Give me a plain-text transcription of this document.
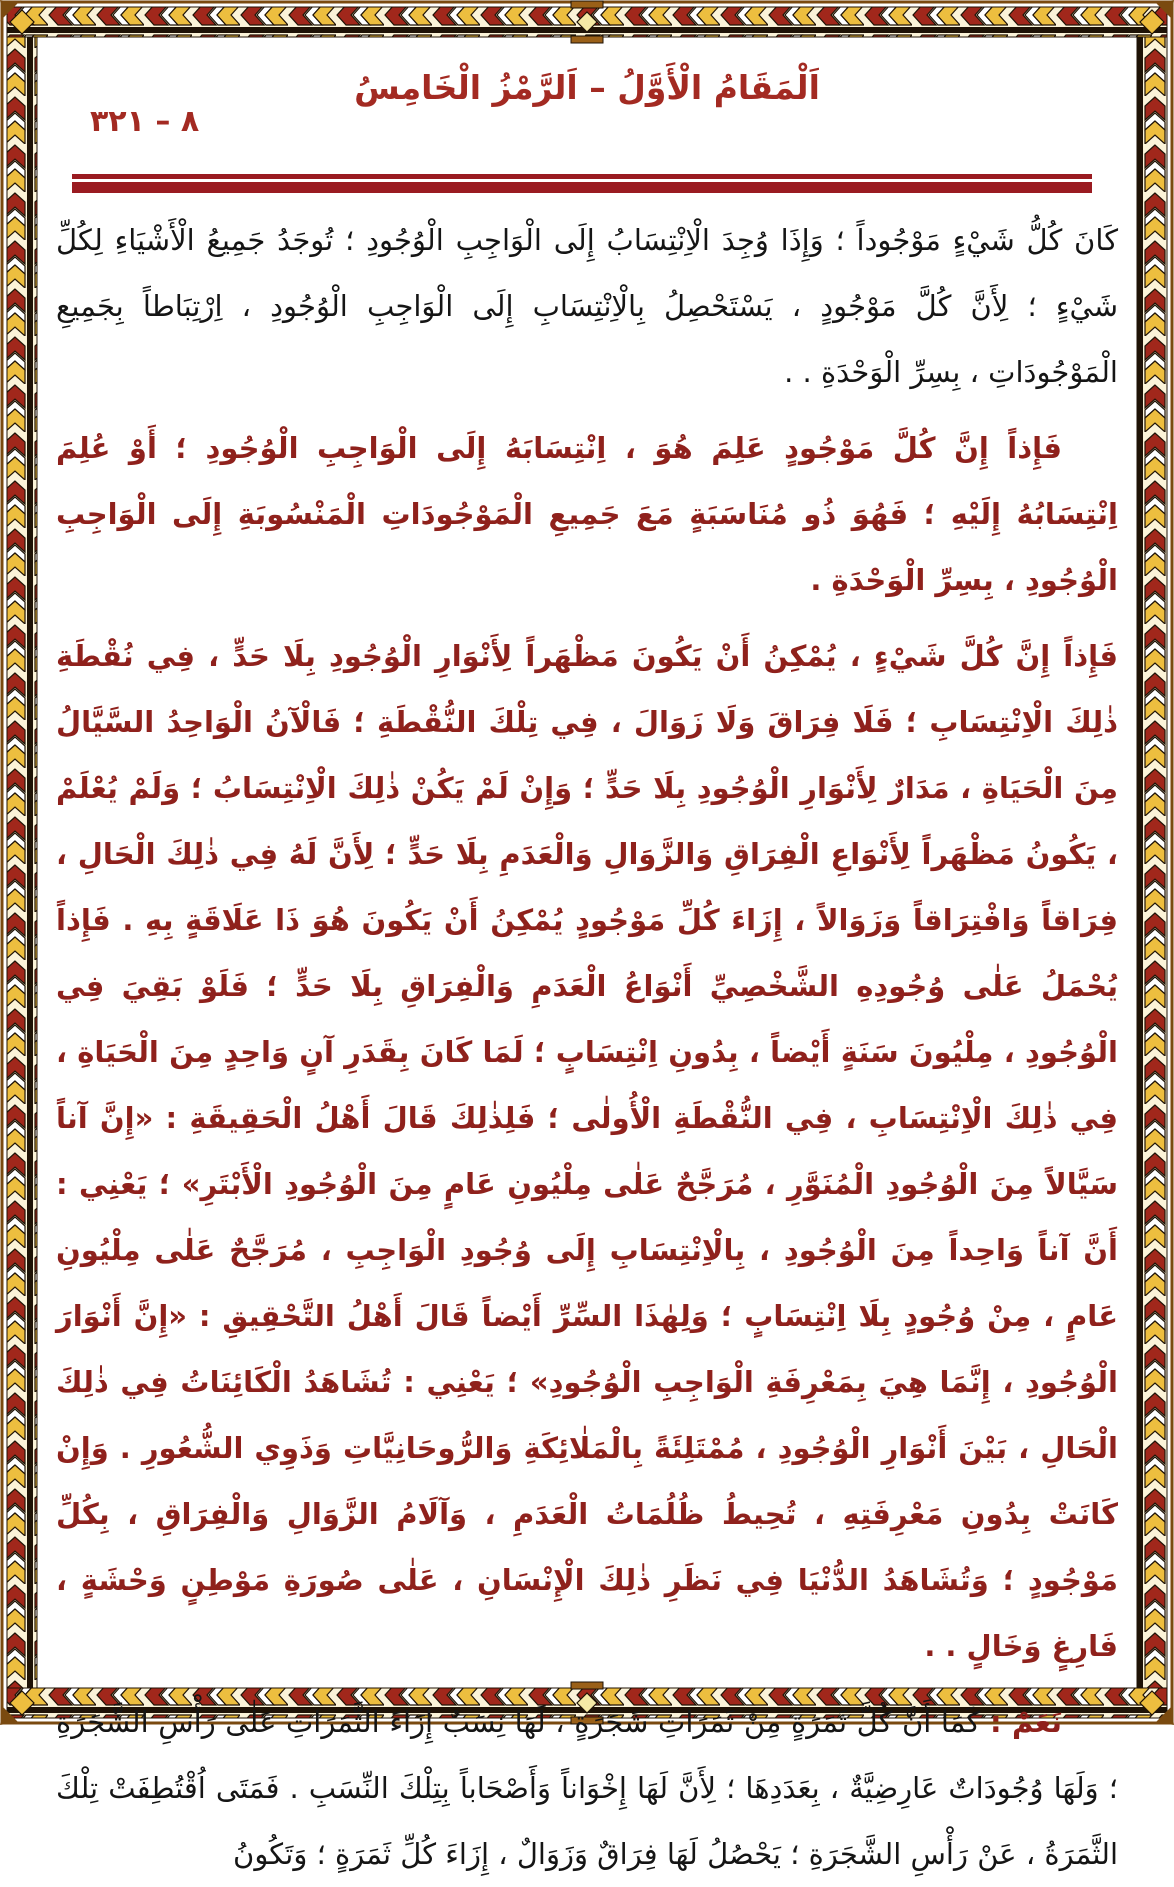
٨ – ٣٢١
اَلْمَقَامُ الْأَوَّلُ – اَلرَّمْزُ الْخَامِسُ

كَانَ كُلُّ شَيْءٍ مَوْجُوداً ؛ وَإِذَا وُجِدَ الْاِنْتِسَابُ إِلَى الْوَاجِبِ الْوُجُودِ ؛ تُوجَدُ جَمِيعُ الْأَشْيَاءِ لِكُلِّ شَيْءٍ ؛ لِأَنَّ كُلَّ مَوْجُودٍ ، يَسْتَحْصِلُ بِالْاِنْتِسَابِ إِلَى الْوَاجِبِ الْوُجُودِ ، اِرْتِبَاطاً بِجَمِيعِ الْمَوْجُودَاتِ ، بِسِرِّ الْوَحْدَةِ . .

فَإِذاً إِنَّ كُلَّ مَوْجُودٍ عَلِمَ هُوَ ، اِنْتِسَابَهُ إِلَى الْوَاجِبِ الْوُجُودِ ؛ أَوْ عُلِمَ اِنْتِسَابُهُ إِلَيْهِ ؛ فَهُوَ ذُو مُنَاسَبَةٍ مَعَ جَمِيعِ الْمَوْجُودَاتِ الْمَنْسُوبَةِ إِلَى الْوَاجِبِ الْوُجُودِ ، بِسِرِّ الْوَحْدَةِ .

فَإِذاً إِنَّ كُلَّ شَيْءٍ ، يُمْكِنُ أَنْ يَكُونَ مَظْهَراً لِأَنْوَارِ الْوُجُودِ بِلَا حَدٍّ ، فِي نُقْطَةِ ذٰلِكَ الْاِنْتِسَابِ ؛ فَلَا فِرَاقَ وَلَا زَوَالَ ، فِي تِلْكَ النُّقْطَةِ ؛ فَالْآنُ الْوَاحِدُ السَّيَّالُ مِنَ الْحَيَاةِ ، مَدَارٌ لِأَنْوَارِ الْوُجُودِ بِلَا حَدٍّ ؛ وَإِنْ لَمْ يَكُنْ ذٰلِكَ الْاِنْتِسَابُ ؛ وَلَمْ يُعْلَمْ ، يَكُونُ مَظْهَراً لِأَنْوَاعِ الْفِرَاقِ وَالزَّوَالِ وَالْعَدَمِ بِلَا حَدٍّ ؛ لِأَنَّ لَهُ فِي ذٰلِكَ الْحَالِ ، فِرَاقاً وَافْتِرَاقاً وَزَوَالاً ، إِزَاءَ كُلِّ مَوْجُودٍ يُمْكِنُ أَنْ يَكُونَ هُوَ ذَا عَلَاقَةٍ بِهِ . فَإِذاً يُحْمَلُ عَلٰى وُجُودِهِ الشَّخْصِيِّ أَنْوَاعُ الْعَدَمِ وَالْفِرَاقِ بِلَا حَدٍّ ؛ فَلَوْ بَقِيَ فِي الْوُجُودِ ، مِلْيُونَ سَنَةٍ أَيْضاً ، بِدُونِ اِنْتِسَابٍ ؛ لَمَا كَانَ بِقَدَرِ آنٍ وَاحِدٍ مِنَ الْحَيَاةِ ، فِي ذٰلِكَ الْاِنْتِسَابِ ، فِي النُّقْطَةِ الْأُولٰى ؛ فَلِذٰلِكَ قَالَ أَهْلُ الْحَقِيقَةِ : «إِنَّ آناً سَيَّالاً مِنَ الْوُجُودِ الْمُنَوَّرِ ، مُرَجَّحٌ عَلٰى مِلْيُونِ عَامٍ مِنَ الْوُجُودِ الْأَبْتَرِ» ؛ يَعْنِي : أَنَّ آناً وَاحِداً مِنَ الْوُجُودِ ، بِالْاِنْتِسَابِ إِلَى وُجُودِ الْوَاجِبِ ، مُرَجَّحٌ عَلٰى مِلْيُونِ عَامٍ ، مِنْ وُجُودٍ بِلَا اِنْتِسَابٍ ؛ وَلِهٰذَا السِّرِّ أَيْضاً قَالَ أَهْلُ التَّحْقِيقِ : «إِنَّ أَنْوَارَ الْوُجُودِ ، إِنَّمَا هِيَ بِمَعْرِفَةِ الْوَاجِبِ الْوُجُودِ» ؛ يَعْنِي : تُشَاهَدُ الْكَائِنَاتُ فِي ذٰلِكَ الْحَالِ ، بَيْنَ أَنْوَارِ الْوُجُودِ ، مُمْتَلِئَةً بِالْمَلٰائِكَةِ وَالرُّوحَانِيَّاتِ وَذَوِي الشُّعُورِ . وَإِنْ كَانَتْ بِدُونِ مَعْرِفَتِهِ ، تُحِيطُ ظُلُمَاتُ الْعَدَمِ ، وَآلَامُ الزَّوَالِ وَالْفِرَاقِ ، بِكُلِّ مَوْجُودٍ ؛ وَتُشَاهَدُ الدُّنْيَا فِي نَظَرِ ذٰلِكَ الْإِنْسَانِ ، عَلٰى صُورَةِ مَوْطِنٍ وَحْشَةٍ ، فَارِغٍ وَخَالٍ . .

نَعَمْ : كَمَا أَنَّ كُلَّ ثَمَرَةٍ مِنْ ثَمَرَاتِ شَجَرَةٍ ، لَهَا نِسَبٌ إِزَاءَ الثَّمَرَاتِ عَلٰى رَأْسِ الشَّجَرَةِ ؛ وَلَهَا وُجُودَاتٌ عَارِضِيَّةٌ ، بِعَدَدِهَا ؛ لِأَنَّ لَهَا إِخْوَاناً وَأَصْحَاباً بِتِلْكَ النِّسَبِ . فَمَتَى اُقْتُطِفَتْ تِلْكَ الثَّمَرَةُ ، عَنْ رَأْسِ الشَّجَرَةِ ؛ يَحْصُلُ لَهَا فِرَاقٌ وَزَوَالٌ ، إِزَاءَ كُلِّ ثَمَرَةٍ ؛ وَتَكُونُ
